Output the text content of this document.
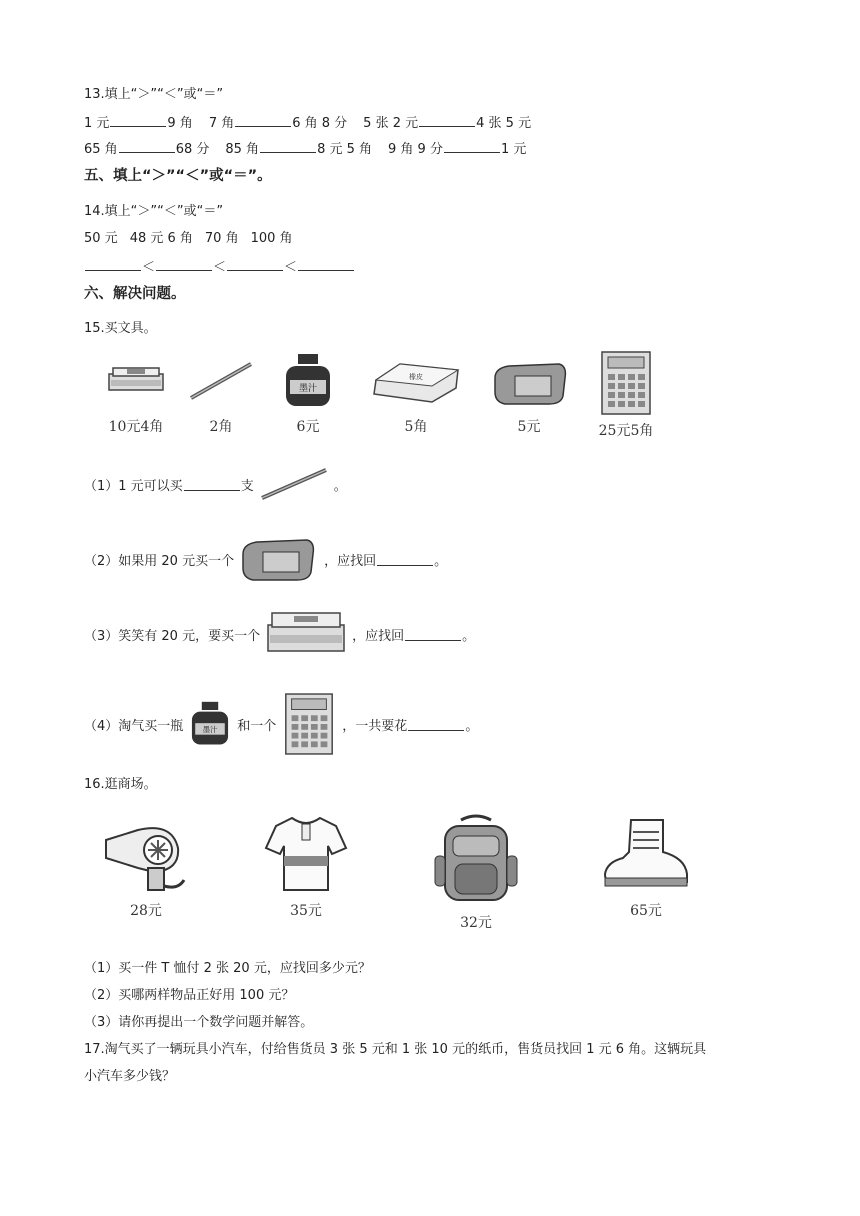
13.填上“＞”“＜”或“＝”
1 元	9 角 7 角	6 角 8 分 5 张 2 元	4 张 5 元
65 角	68 分 85 角	8 元 5 角 9 角 9 分	1 元
五、填上“＞”“＜”或“＝”。
14.填上“＞”“＜”或“＝”
50 元 48 元 6 角 70 角 100 角
＜	＜	＜
六、解决问题。
15.买文具。
10元4角	2角
墨汁
6元
橡皮
5角	5元	25元5角
（1）1 元可以买	支	。
（2）如果用 20 元买一个	，应找回	。
（3）笑笑有 20 元，要买一个	，应找回	。
（4）淘气买一瓶 墨汁 和一个	，一共要花	。
16.逛商场。
28元	35元
32元
65元
（1）买一件 T 恤付 2 张 20 元，应找回多少元？
（2）买哪两样物品正好用 100 元？
（3）请你再提出一个数学问题并解答。
17.淘气买了一辆玩具小汽车，付给售货员 3 张 5 元和 1 张 10 元的纸币，售货员找回 1 元 6 角。这辆玩具
小汽车多少钱？
